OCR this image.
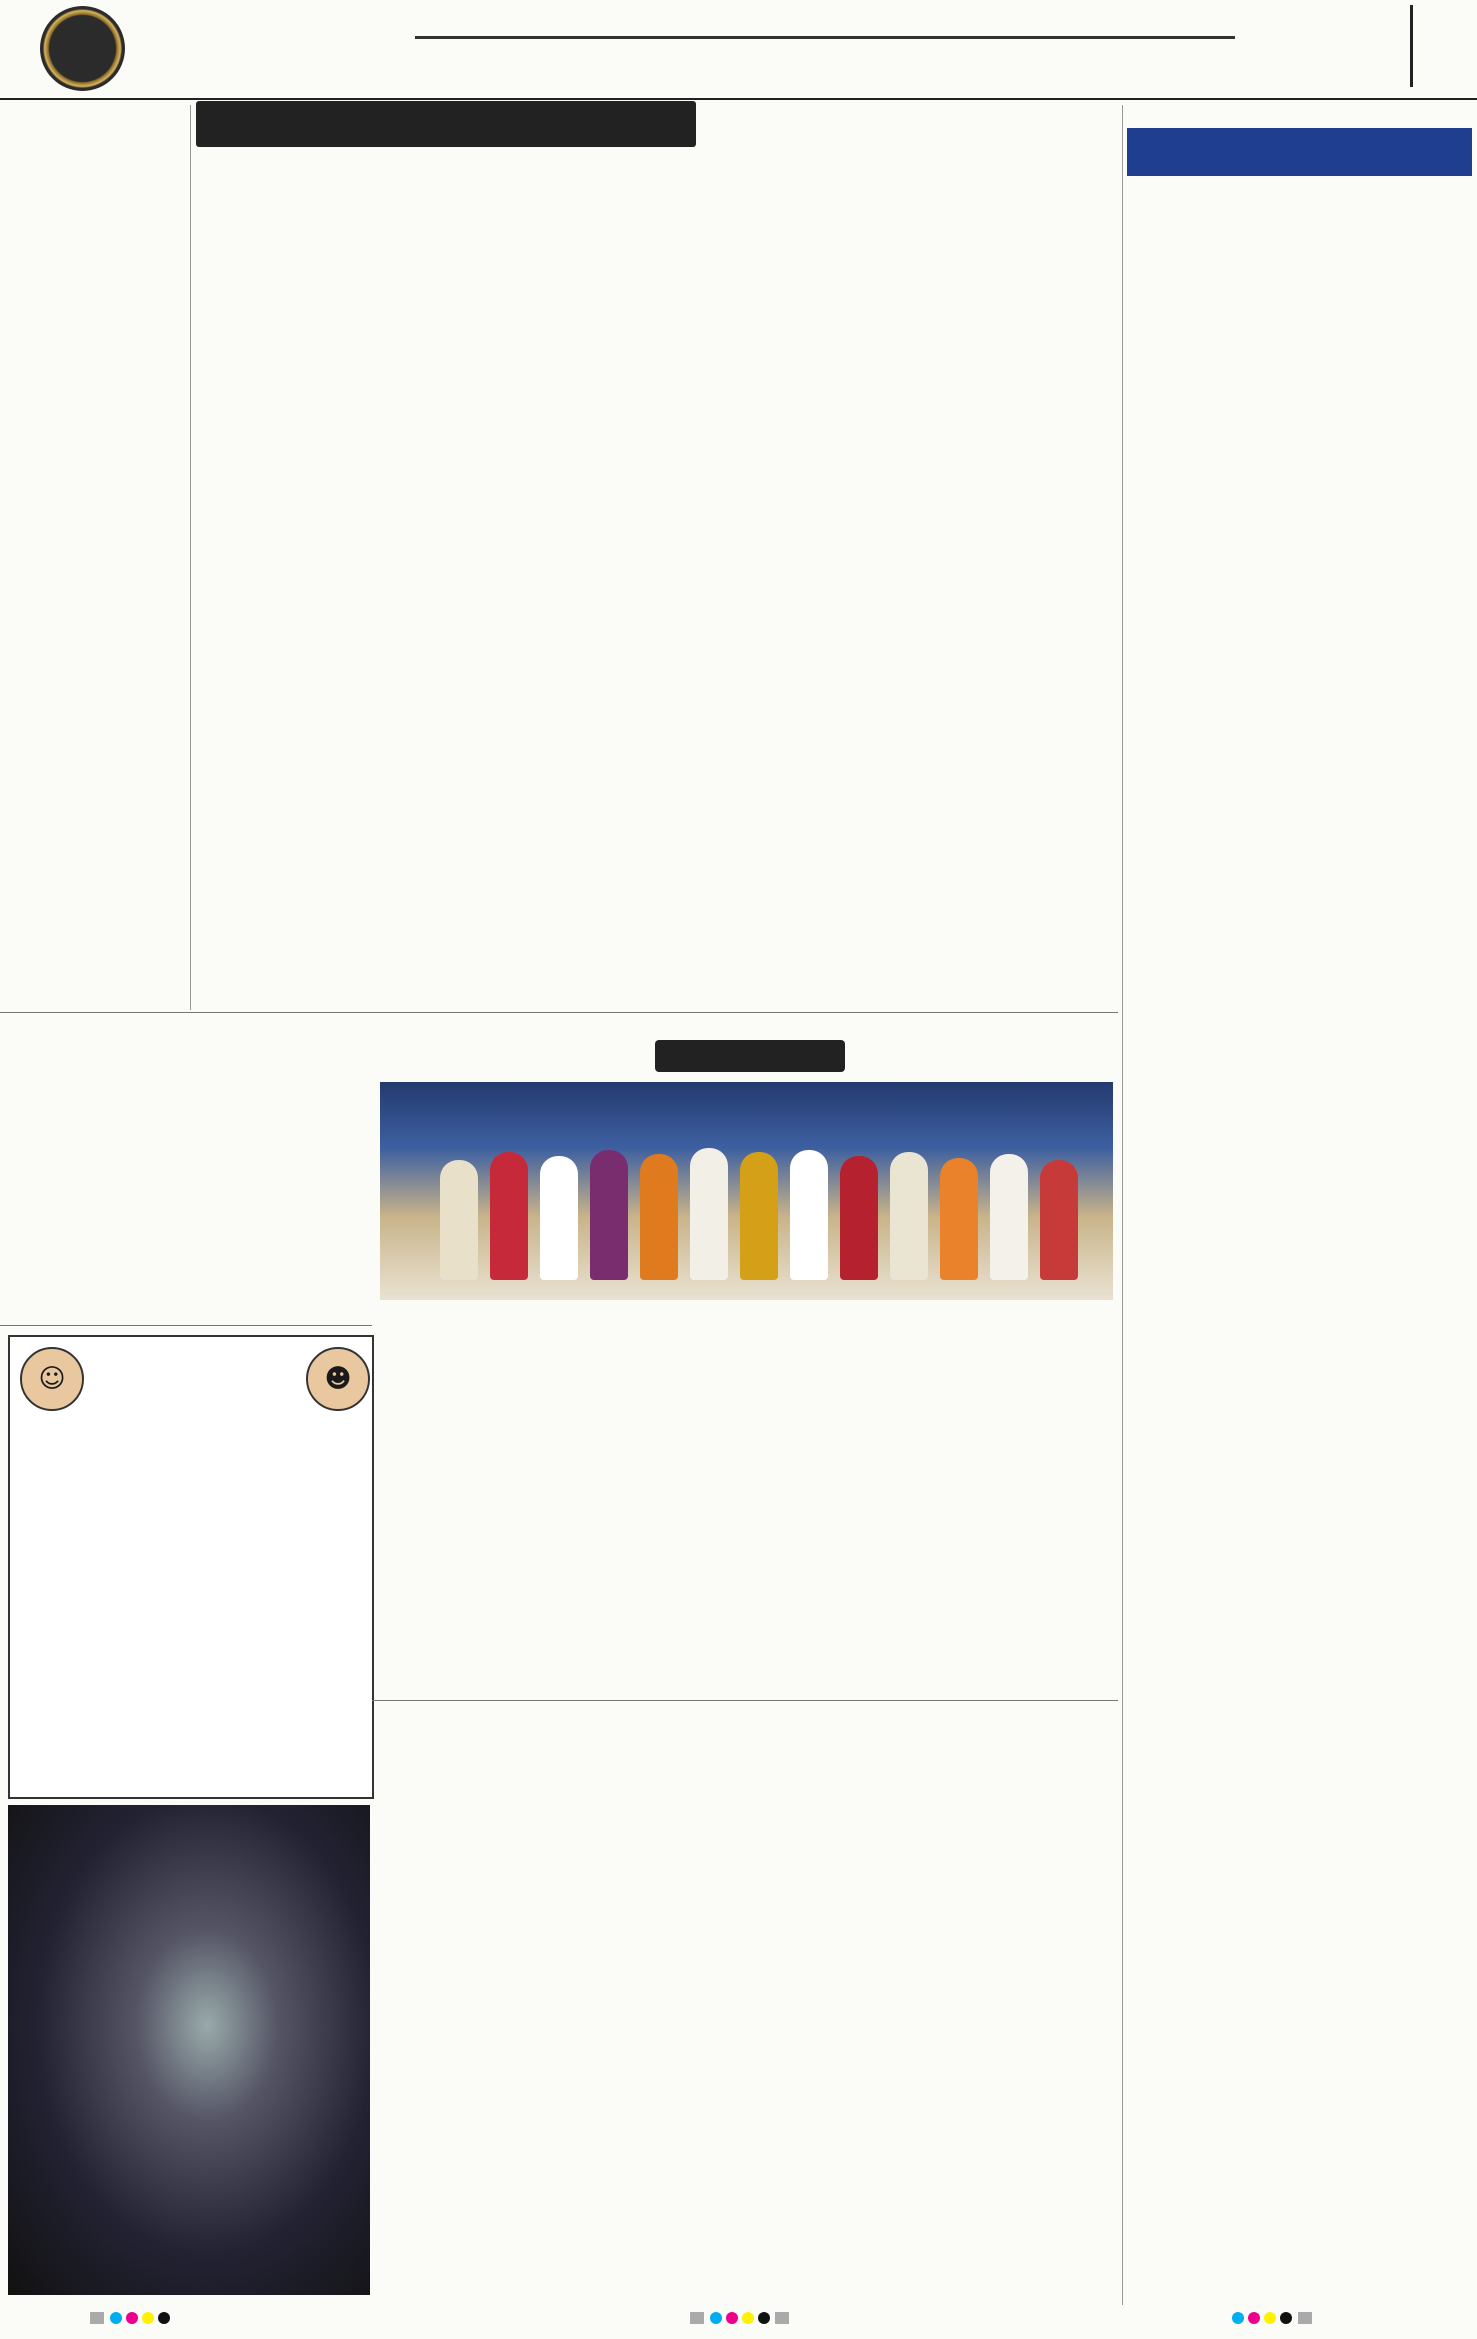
☺	☻
